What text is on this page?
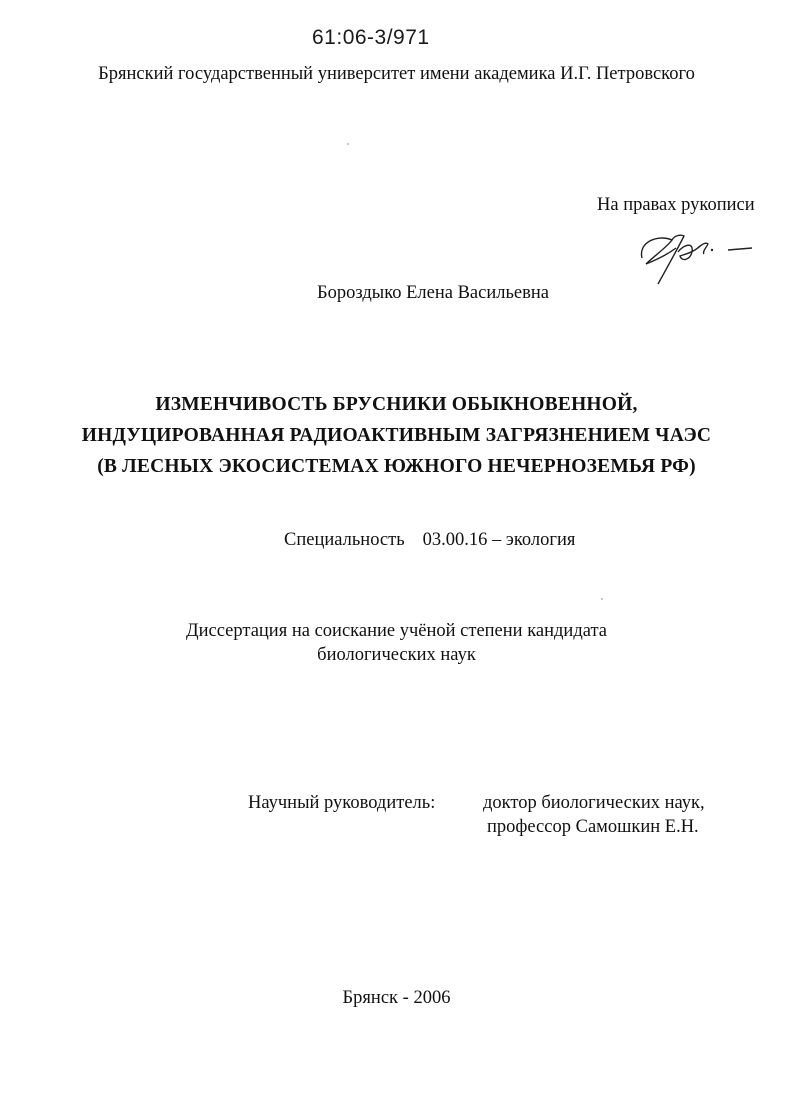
61:06-3/971
Брянский государственный университет имени академика И.Г. Петровского
На правах рукописи
Бороздыко Елена Васильевна
ИЗМЕНЧИВОСТЬ БРУСНИКИ ОБЫКНОВЕННОЙ,
ИНДУЦИРОВАННАЯ РАДИОАКТИВНЫМ ЗАГРЯЗНЕНИЕМ ЧАЭС
(В ЛЕСНЫХ ЭКОСИСТЕМАХ ЮЖНОГО НЕЧЕРНОЗЕМЬЯ РФ)
Специальность 03.00.16 – экология
Диссертация на соискание учёной степени кандидата
биологических наук
Научный руководитель:	доктор биологических наук,
профессор Самошкин Е.Н.
Брянск - 2006
